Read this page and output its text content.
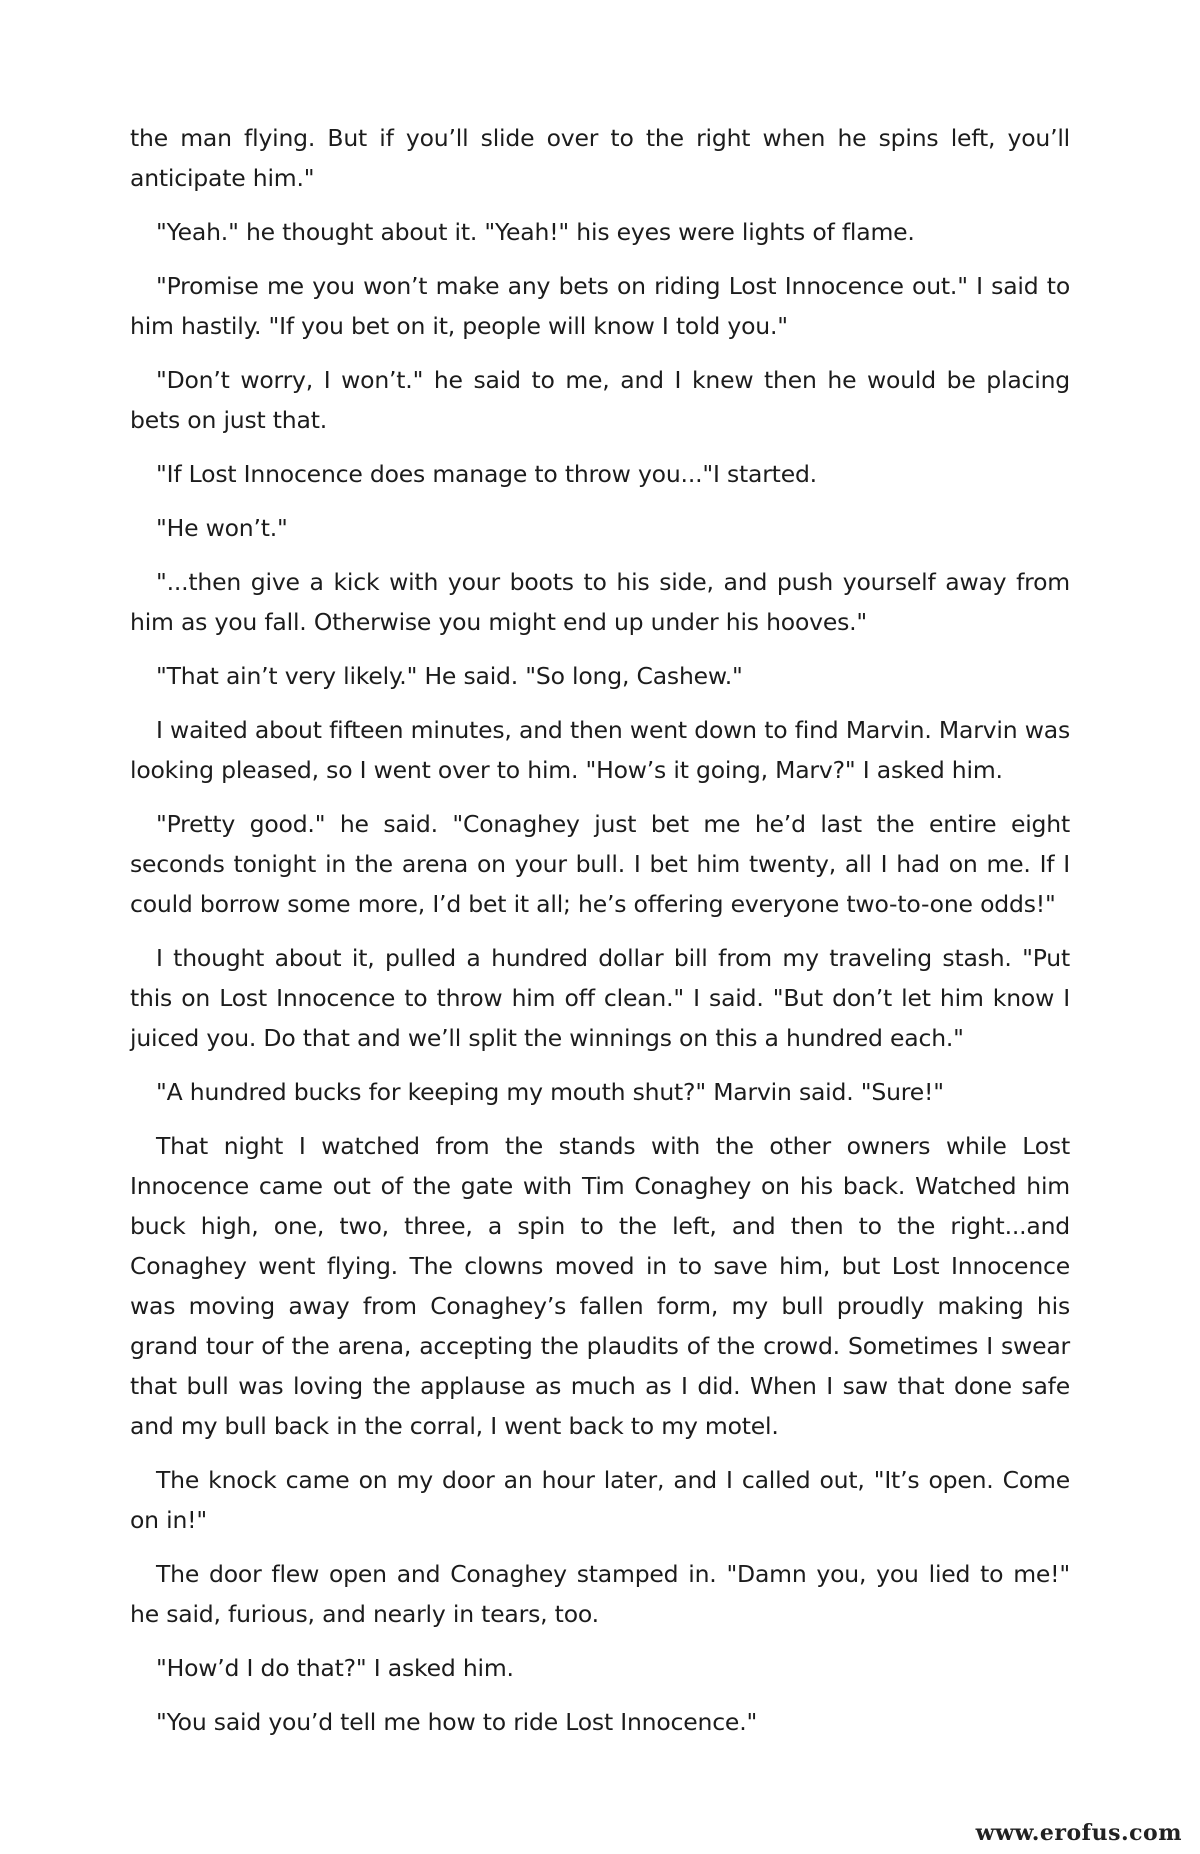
the man flying. But if you’ll slide over to the right when he spins left, you’ll anticipate him."

"Yeah." he thought about it. "Yeah!" his eyes were lights of flame.

"Promise me you won’t make any bets on riding Lost Innocence out." I said to him hastily. "If you bet on it, people will know I told you."

"Don’t worry, I won’t." he said to me, and I knew then he would be placing bets on just that.

"If Lost Innocence does manage to throw you..."I started.

"He won’t."

"...then give a kick with your boots to his side, and push yourself away from him as you fall. Otherwise you might end up under his hooves."

"That ain’t very likely." He said. "So long, Cashew."

I waited about fifteen minutes, and then went down to find Marvin. Marvin was looking pleased, so I went over to him. "How’s it going, Marv?" I asked him.

"Pretty good." he said. "Conaghey just bet me he’d last the entire eight seconds tonight in the arena on your bull. I bet him twenty, all I had on me. If I could borrow some more, I’d bet it all; he’s offering everyone two-to-one odds!"

I thought about it, pulled a hundred dollar bill from my traveling stash. "Put this on Lost Innocence to throw him off clean." I said. "But don’t let him know I juiced you. Do that and we’ll split the winnings on this a hundred each."

"A hundred bucks for keeping my mouth shut?" Marvin said. "Sure!"

That night I watched from the stands with the other owners while Lost Innocence came out of the gate with Tim Conaghey on his back. Watched him buck high, one, two, three, a spin to the left, and then to the right...and Conaghey went flying. The clowns moved in to save him, but Lost Innocence was moving away from Conaghey’s fallen form, my bull proudly making his grand tour of the arena, accepting the plaudits of the crowd. Sometimes I swear that bull was loving the applause as much as I did. When I saw that done safe and my bull back in the corral, I went back to my motel.

The knock came on my door an hour later, and I called out, "It’s open. Come on in!"

The door flew open and Conaghey stamped in. "Damn you, you lied to me!" he said, furious, and nearly in tears, too.

"How’d I do that?" I asked him.

"You said you’d tell me how to ride Lost Innocence."

www.erofus.com
